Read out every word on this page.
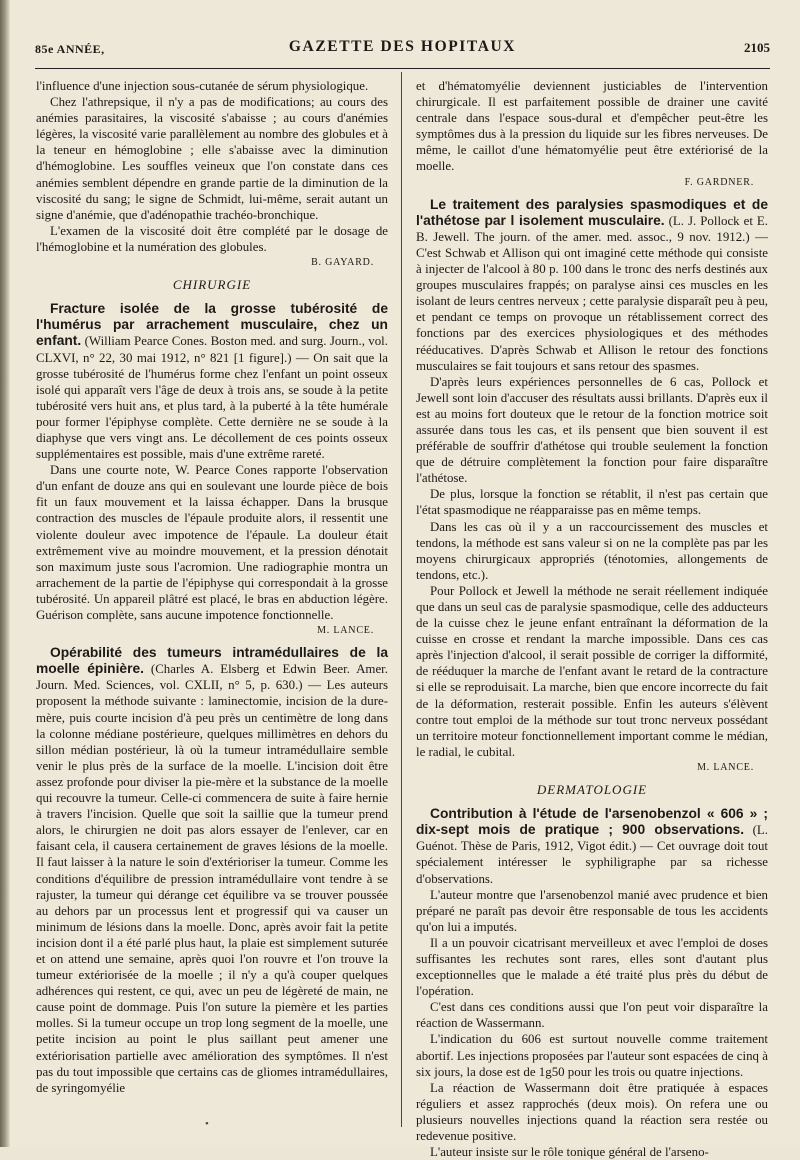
85e ANNÉE,	GAZETTE DES HOPITAUX	2105

l'influence d'une injection sous-cutanée de sérum physiologique.

Chez l'athrepsique, il n'y a pas de modifications; au cours des anémies parasitaires, la viscosité s'abaisse ; au cours d'anémies légères, la viscosité varie parallèlement au nombre des globules et à la teneur en hémoglobine ; elle s'abaisse avec la diminution d'hémoglobine. Les souffles veineux que l'on constate dans ces anémies semblent dépendre en grande partie de la diminution de la viscosité du sang; le signe de Schmidt, lui-même, serait autant un signe d'anémie, que d'adénopathie trachéo-bronchique.

L'examen de la viscosité doit être complété par le dosage de l'hémoglobine et la numération des globules.

B. GAYARD.
CHIRURGIE

Fracture isolée de la grosse tubérosité de l'humérus par arrachement musculaire, chez un enfant. (William Pearce Cones. Boston med. and surg. Journ., vol. CLXVI, n° 22, 30 mai 1912, n° 821 [1 figure].) — On sait que la grosse tubérosité de l'humérus forme chez l'enfant un point osseux isolé qui apparaît vers l'âge de deux à trois ans, se soude à la petite tubérosité vers huit ans, et plus tard, à la puberté à la tête humérale pour former l'épiphyse complète. Cette dernière ne se soude à la diaphyse que vers vingt ans. Le décollement de ces points osseux supplémentaires est possible, mais d'une extrême rareté.

Dans une courte note, W. Pearce Cones rapporte l'observation d'un enfant de douze ans qui en soulevant une lourde pièce de bois fit un faux mouvement et la laissa échapper. Dans la brusque contraction des muscles de l'épaule produite alors, il ressentit une violente douleur avec impotence de l'épaule. La douleur était extrêmement vive au moindre mouvement, et la pression dénotait son maximum juste sous l'acromion. Une radiographie montra un arrachement de la partie de l'épiphyse qui correspondait à la grosse tubérosité. Un appareil plâtré est placé, le bras en abduction légère. Guérison complète, sans aucune impotence fonctionnelle.

M. LANCE.

Opérabilité des tumeurs intramédullaires de la moelle épinière. (Charles A. Elsberg et Edwin Beer. Amer. Journ. Med. Sciences, vol. CXLII, n° 5, p. 630.) — Les auteurs proposent la méthode suivante : laminectomie, incision de la dure-mère, puis courte incision d'à peu près un centimètre de long dans la colonne médiane postérieure, quelques millimètres en dehors du sillon médian postérieur, là où la tumeur intramédullaire semble venir le plus près de la surface de la moelle. L'incision doit être assez profonde pour diviser la pie-mère et la substance de la moelle qui recouvre la tumeur. Celle-ci commencera de suite à faire hernie à travers l'incision. Quelle que soit la saillie que la tumeur prend alors, le chirurgien ne doit pas alors essayer de l'enlever, car en faisant cela, il causera certainement de graves lésions de la moelle. Il faut laisser à la nature le soin d'extérioriser la tumeur. Comme les conditions d'équilibre de pression intramédullaire vont tendre à se rajuster, la tumeur qui dérange cet équilibre va se trouver poussée au dehors par un processus lent et progressif qui va causer un minimum de lésions dans la moelle. Donc, après avoir fait la petite incision dont il a été parlé plus haut, la plaie est simplement suturée et on attend une semaine, après quoi l'on rouvre et l'on trouve la tumeur extériorisée de la moelle ; il n'y a qu'à couper quelques adhérences qui restent, ce qui, avec un peu de légèreté de main, ne cause point de dommage. Puis l'on suture la piemère et les parties molles. Si la tumeur occupe un trop long segment de la moelle, une petite incision au point le plus saillant peut amener une extériorisation partielle avec amélioration des symptômes. Il n'est pas du tout impossible que certains cas de gliomes intramédullaires, de syringomyélie

et d'hématomyélie deviennent justiciables de l'intervention chirurgicale. Il est parfaitement possible de drainer une cavité centrale dans l'espace sous-dural et d'empêcher peut-être les symptômes dus à la pression du liquide sur les fibres nerveuses. De même, le caillot d'une hématomyélie peut être extériorisé de la moelle.

F. GARDNER.

Le traitement des paralysies spasmodiques et de l'athétose par l isolement musculaire. (L. J. Pollock et E. B. Jewell. The journ. of the amer. med. assoc., 9 nov. 1912.) — C'est Schwab et Allison qui ont imaginé cette méthode qui consiste à injecter de l'alcool à 80 p. 100 dans le tronc des nerfs destinés aux groupes musculaires frappés; on paralyse ainsi ces muscles en les isolant de leurs centres nerveux ; cette paralysie disparaît peu à peu, et pendant ce temps on provoque un rétablissement correct des fonctions par des exercices physiologiques et des méthodes rééducatives. D'après Schwab et Allison le retour des fonctions musculaires se fait toujours et sans retour des spasmes.

D'après leurs expériences personnelles de 6 cas, Pollock et Jewell sont loin d'accuser des résultats aussi brillants. D'après eux il est au moins fort douteux que le retour de la fonction motrice soit assurée dans tous les cas, et ils pensent que bien souvent il est préférable de souffrir d'athétose qui trouble seulement la fonction que de détruire complètement la fonction pour faire disparaître l'athétose.

De plus, lorsque la fonction se rétablit, il n'est pas certain que l'état spasmodique ne réapparaisse pas en même temps.

Dans les cas où il y a un raccourcissement des muscles et tendons, la méthode est sans valeur si on ne la complète pas par les moyens chirurgicaux appropriés (ténotomies, allongements de tendons, etc.).

Pour Pollock et Jewell la méthode ne serait réellement indiquée que dans un seul cas de paralysie spasmodique, celle des adducteurs de la cuisse chez le jeune enfant entraînant la déformation de la cuisse en crosse et rendant la marche impossible. Dans ces cas après l'injection d'alcool, il serait possible de corriger la difformité, de rééduquer la marche de l'enfant avant le retard de la contracture si elle se reproduisait. La marche, bien que encore incorrecte du fait de la déformation, resterait possible. Enfin les auteurs s'élèvent contre tout emploi de la méthode sur tout tronc nerveux possédant un territoire moteur fonctionnellement important comme le médian, le radial, le cubital.

M. LANCE.
DERMATOLOGIE

Contribution à l'étude de l'arsenobenzol « 606 » ; dix-sept mois de pratique ; 900 observations. (L. Guénot. Thèse de Paris, 1912, Vigot édit.) — Cet ouvrage doit tout spécialement intéresser le syphiligraphe par sa richesse d'observations.

L'auteur montre que l'arsenobenzol manié avec prudence et bien préparé ne paraît pas devoir être responsable de tous les accidents qu'on lui a imputés.

Il a un pouvoir cicatrisant merveilleux et avec l'emploi de doses suffisantes les rechutes sont rares, elles sont d'autant plus exceptionnelles que le malade a été traité plus près du début de l'opération.

C'est dans ces conditions aussi que l'on peut voir disparaître la réaction de Wassermann.

L'indication du 606 est surtout nouvelle comme traitement abortif. Les injections proposées par l'auteur sont espacées de cinq à six jours, la dose est de 1g50 pour les trois ou quatre injections.

La réaction de Wassermann doit être pratiquée à espaces réguliers et assez rapprochés (deux mois). On refera une ou plusieurs nouvelles injections quand la réaction sera restée ou redevenue positive.

L'auteur insiste sur le rôle tonique général de l'arseno-

•
